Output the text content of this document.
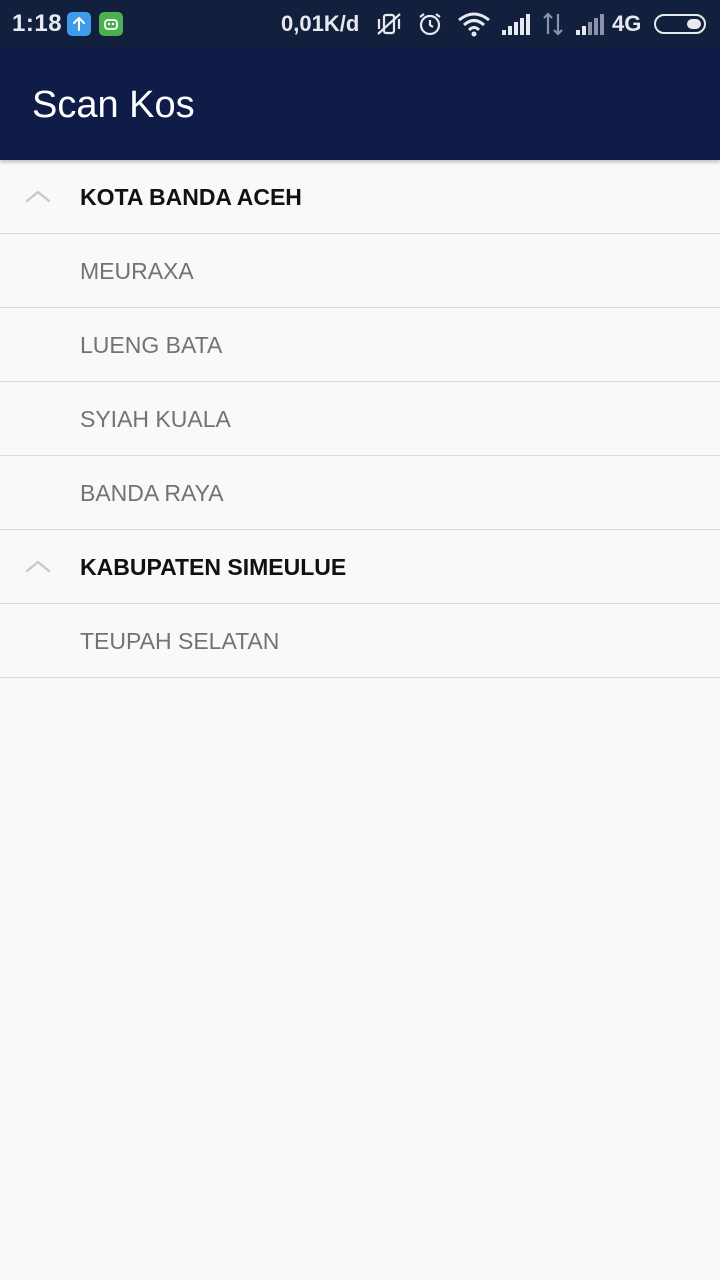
1:18	0,01K/d	4G
Scan Kos
KOTA BANDA ACEH
MEURAXA
LUENG BATA
SYIAH KUALA
BANDA RAYA
KABUPATEN SIMEULUE
TEUPAH SELATAN
